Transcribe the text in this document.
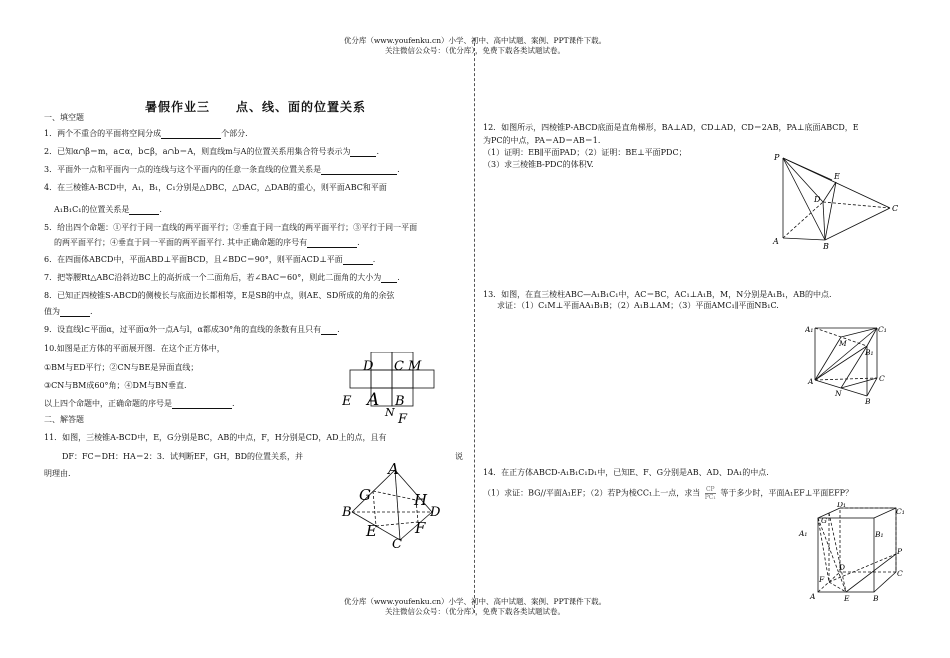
优分库（www.youfenku.cn）小学、初中、高中试题、案例、PPT课件下载。
关注微信公众号：（优分库），免费下载各类试题试卷。
优分库（www.youfenku.cn）小学、初中、高中试题、案例、PPT课件下载。
关注微信公众号：（优分库），免费下载各类试题试卷。
暑假作业三　　点、线、面的位置关系
一、填空题
1．两个不重合的平面将空间分成	个部分.
2．已知α∩β＝m，a⊂α，b⊂β，a∩b＝A，则直线m与A的位置关系用集合符号表示为	.
3．平面外一点和平面内一点的连线与这个平面内的任意一条直线的位置关系是	.
4．在三棱锥A‑BCD中，A₁，B₁，C₁分别是△DBC，△DAC，△DAB的重心，则平面ABC和平面
A₁B₁C₁的位置关系是	.
5．给出四个命题：①平行于同一直线的两平面平行；②垂直于同一直线的两平面平行；③平行于同一平面
的两平面平行；④垂直于同一平面的两平面平行. 其中正确命题的序号有	.
6．在四面体ABCD中，平面ABD⊥平面BCD，且∠BDC＝90°，则平面ACD⊥平面	.
7．把等腰Rt△ABC沿斜边BC上的高折成一个二面角后，若∠BAC＝60°，则此二面角的大小为 .
8．已知正四棱锥S‑ABCD的侧棱长与底面边长都相等，E是SB的中点，则AE、SD所成的角的余弦
值为	.
9．设直线l⊂平面α，过平面α外一点A与l，α都成30°角的直线的条数有且只有 .
10.如图是正方体的平面展开图．在这个正方体中，
①BM与ED平行；②CN与BE是异面直线；
③CN与BM成60°角；④DM与BN垂直.
以上四个命题中，正确命题的序号是	.
二、解答题
11．如图，三棱锥A‑BCD中，E，G分别是BC，AB的中点，F，H分别是CD，AD上的点，且有
DF：FC＝DH：HA＝2：3．试判断EF，GH，BD的位置关系，并	说
明理由.
D C M
E A B
N F
A
G	H
B	D
E	F
C
12．如图所示，四棱锥P‑ABCD底面是直角梯形，BA⊥AD，CD⊥AD，CD＝2AB，PA⊥底面ABCD，E
为PC的中点，PA＝AD＝AB＝1.
（1）证明：EB∥平面PAD；（2）证明：BE⊥平面PDC；
（3）求三棱锥B‑PDC的体积V.
P
E
D
C
A
B
13．如图，在直三棱柱ABC—A₁B₁C₁中，AC＝BC，AC₁⊥A₁B，M，N分别是A₁B₁，AB的中点.
求证：（1）C₁M⊥平面AA₁B₁B；（2）A₁B⊥AM；（3）平面AMC₁∥平面NB₁C.
A₁	C₁
M
B₁
A	C
N
B
14．在正方体ABCD‑A₁B₁C₁D₁中，已知E、F、G分别是AB、AD、DA₁的中点.
（1）求证：BG//平面A₁EF；（2）若P为棱CC₁上一点，求当 $\frac{CP}{\text{PC₁}}$ 等于多少时，平面A₁EF⊥平面EFP？
D₁
C₁
G
A₁	B₁
P
D
C
F
A	E	B
